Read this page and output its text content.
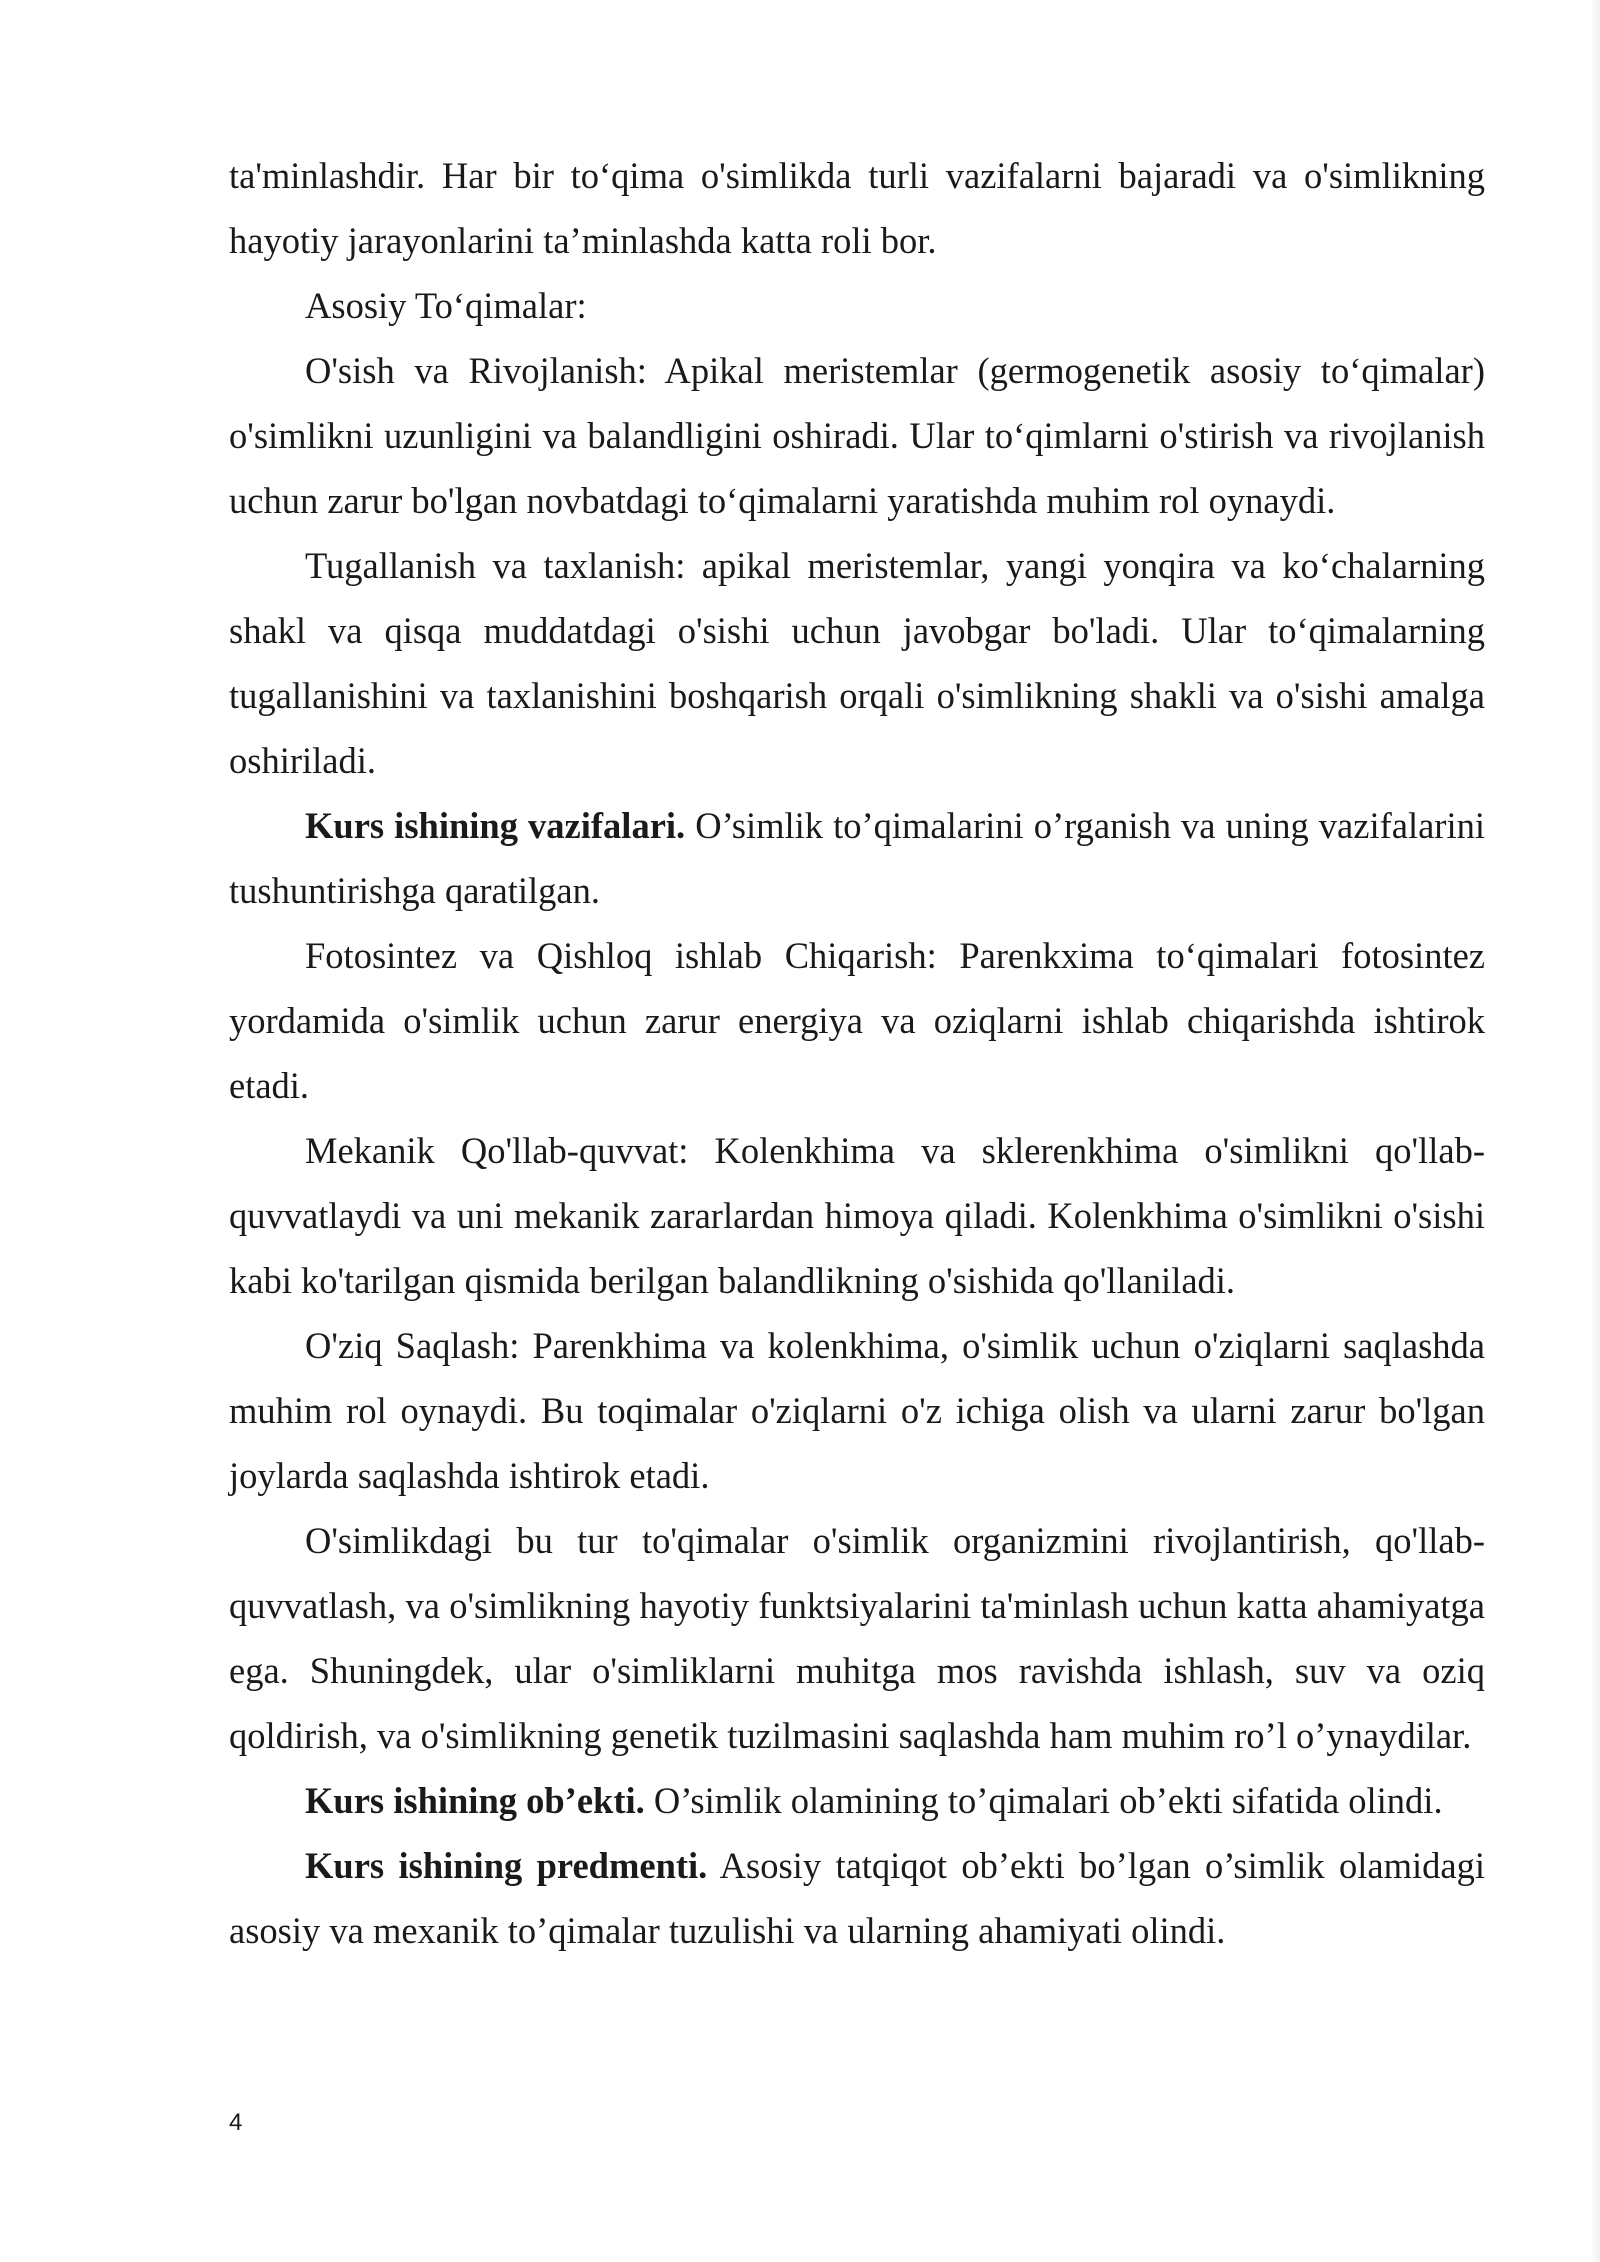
ta'minlashdir. Har bir to‘qima o'simlikda turli vazifalarni bajaradi va o'simlikning hayotiy jarayonlarini ta’minlashda katta roli bor.

Asosiy To‘qimalar:

O'sish va Rivojlanish: Apikal meristemlar (germogenetik asosiy to‘qimalar) o'simlikni uzunligini va balandligini oshiradi. Ular to‘qimlarni o'stirish va rivojlanish uchun zarur bo'lgan novbatdagi to‘qimalarni yaratishda muhim rol oynaydi.

Tugallanish va taxlanish: apikal meristemlar, yangi yonqira va ko‘chalarning shakl va qisqa muddatdagi o'sishi uchun javobgar bo'ladi. Ular to‘qimalarning tugallanishini va taxlanishini boshqarish orqali o'simlikning shakli va o'sishi amalga oshiriladi.

Kurs ishining vazifalari. O’simlik to’qimalarini o’rganish va uning vazifalarini tushuntirishga qaratilgan.

Fotosintez va Qishloq ishlab Chiqarish: Parenkxima to‘qimalari fotosintez yordamida o'simlik uchun zarur energiya va oziqlarni ishlab chiqarishda ishtirok etadi.

Mekanik Qo'llab-quvvat: Kolenkhima va sklerenkhima o'simlikni qo'llab-quvvatlaydi va uni mekanik zararlardan himoya qiladi. Kolenkhima o'simlikni o'sishi kabi ko'tarilgan qismida berilgan balandlikning o'sishida qo'llaniladi.

O'ziq Saqlash: Parenkhima va kolenkhima, o'simlik uchun o'ziqlarni saqlashda muhim rol oynaydi. Bu toqimalar o'ziqlarni o'z ichiga olish va ularni zarur bo'lgan joylarda saqlashda ishtirok etadi.

O'simlikdagi bu tur to'qimalar o'simlik organizmini rivojlantirish, qo'llab-quvvatlash, va o'simlikning hayotiy funktsiyalarini ta'minlash uchun katta ahamiyatga ega. Shuningdek, ular o'simliklarni muhitga mos ravishda ishlash, suv va oziq qoldirish, va o'simlikning genetik tuzilmasini saqlashda ham muhim ro’l o’ynaydilar.

Kurs ishining ob’ekti. O’simlik olamining to’qimalari ob’ekti sifatida olindi.

Kurs ishining predmenti. Asosiy tatqiqot ob’ekti bo’lgan o’simlik olamidagi asosiy va mexanik to’qimalar tuzulishi va ularning ahamiyati olindi.

4
